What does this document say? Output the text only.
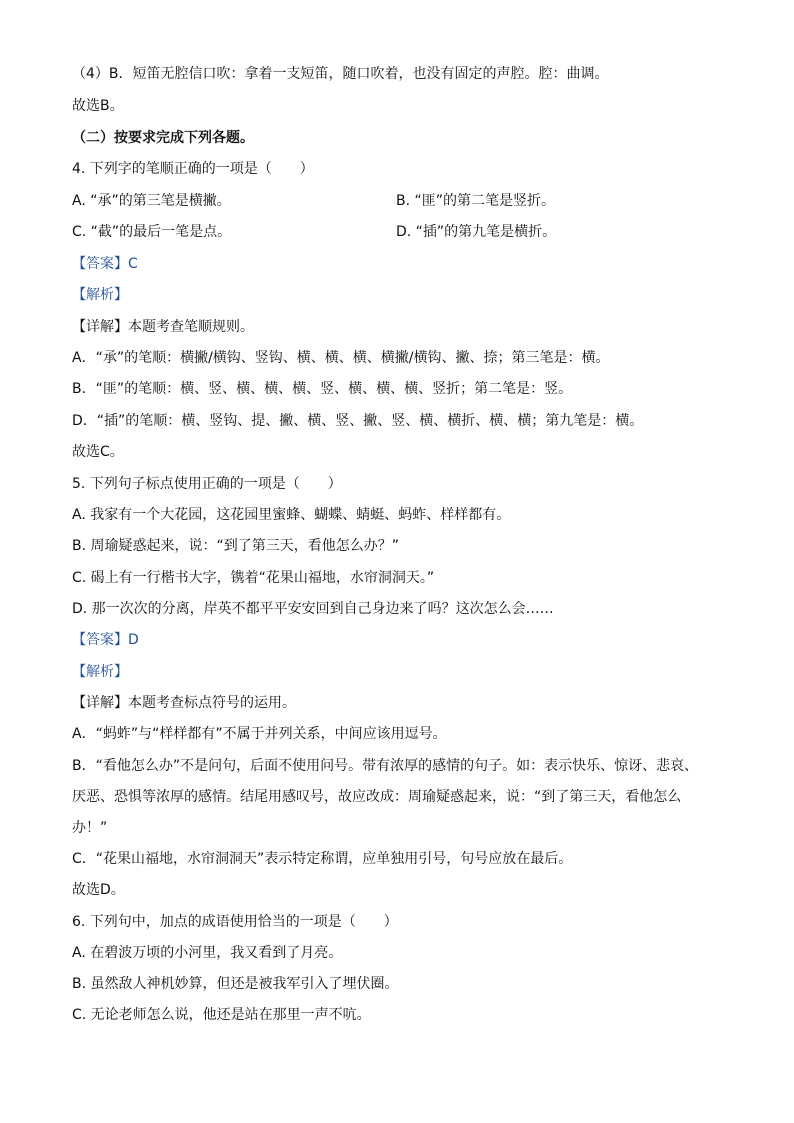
（4）B．短笛无腔信口吹：拿着一支短笛，随口吹着，也没有固定的声腔。腔：曲调。
故选B。
（二）按要求完成下列各题。
4. 下列字的笔顺正确的一项是（　　）
A. “承”的第三笔是横撇。	B. “匪”的第二笔是竖折。
C. “截”的最后一笔是点。	D. “插”的第九笔是横折。
【答案】C
【解析】
【详解】本题考查笔顺规则。
A．“承”的笔顺：横撇/横钩、竖钩、横、横、横、横撇/横钩、撇、捺；第三笔是：横。
B．“匪”的笔顺：横、竖、横、横、横、竖、横、横、横、竖折；第二笔是：竖。
D．“插”的笔顺：横、竖钩、提、撇、横、竖、撇、竖、横、横折、横、横；第九笔是：横。
故选C。
5. 下列句子标点使用正确的一项是（　　）
A. 我家有一个大花园，这花园里蜜蜂、蝴蝶、蜻蜓、蚂蚱、样样都有。
B. 周瑜疑惑起来，说：“到了第三天，看他怎么办？”
C. 碣上有一行楷书大字，镌着“花果山福地，水帘洞洞天。”
D. 那一次次的分离，岸英不都平平安安回到自己身边来了吗？这次怎么会……
【答案】D
【解析】
【详解】本题考查标点符号的运用。
A．“蚂蚱”与“样样都有”不属于并列关系，中间应该用逗号。
B．“看他怎么办”不是问句，后面不使用问号。带有浓厚的感情的句子。如：表示快乐、惊讶、悲哀、
厌恶、恐惧等浓厚的感情。结尾用感叹号，故应改成：周瑜疑惑起来，说：“到了第三天，看他怎么
办！”
C．“花果山福地，水帘洞洞天”表示特定称谓，应单独用引号，句号应放在最后。
故选D。
6. 下列句中，加点的成语使用恰当的一项是（　　）
A. 在碧波万顷的小河里，我又看到了月亮。
B. 虽然敌人神机妙算，但还是被我军引入了埋伏圈。
C. 无论老师怎么说，他还是站在那里一声不吭。
